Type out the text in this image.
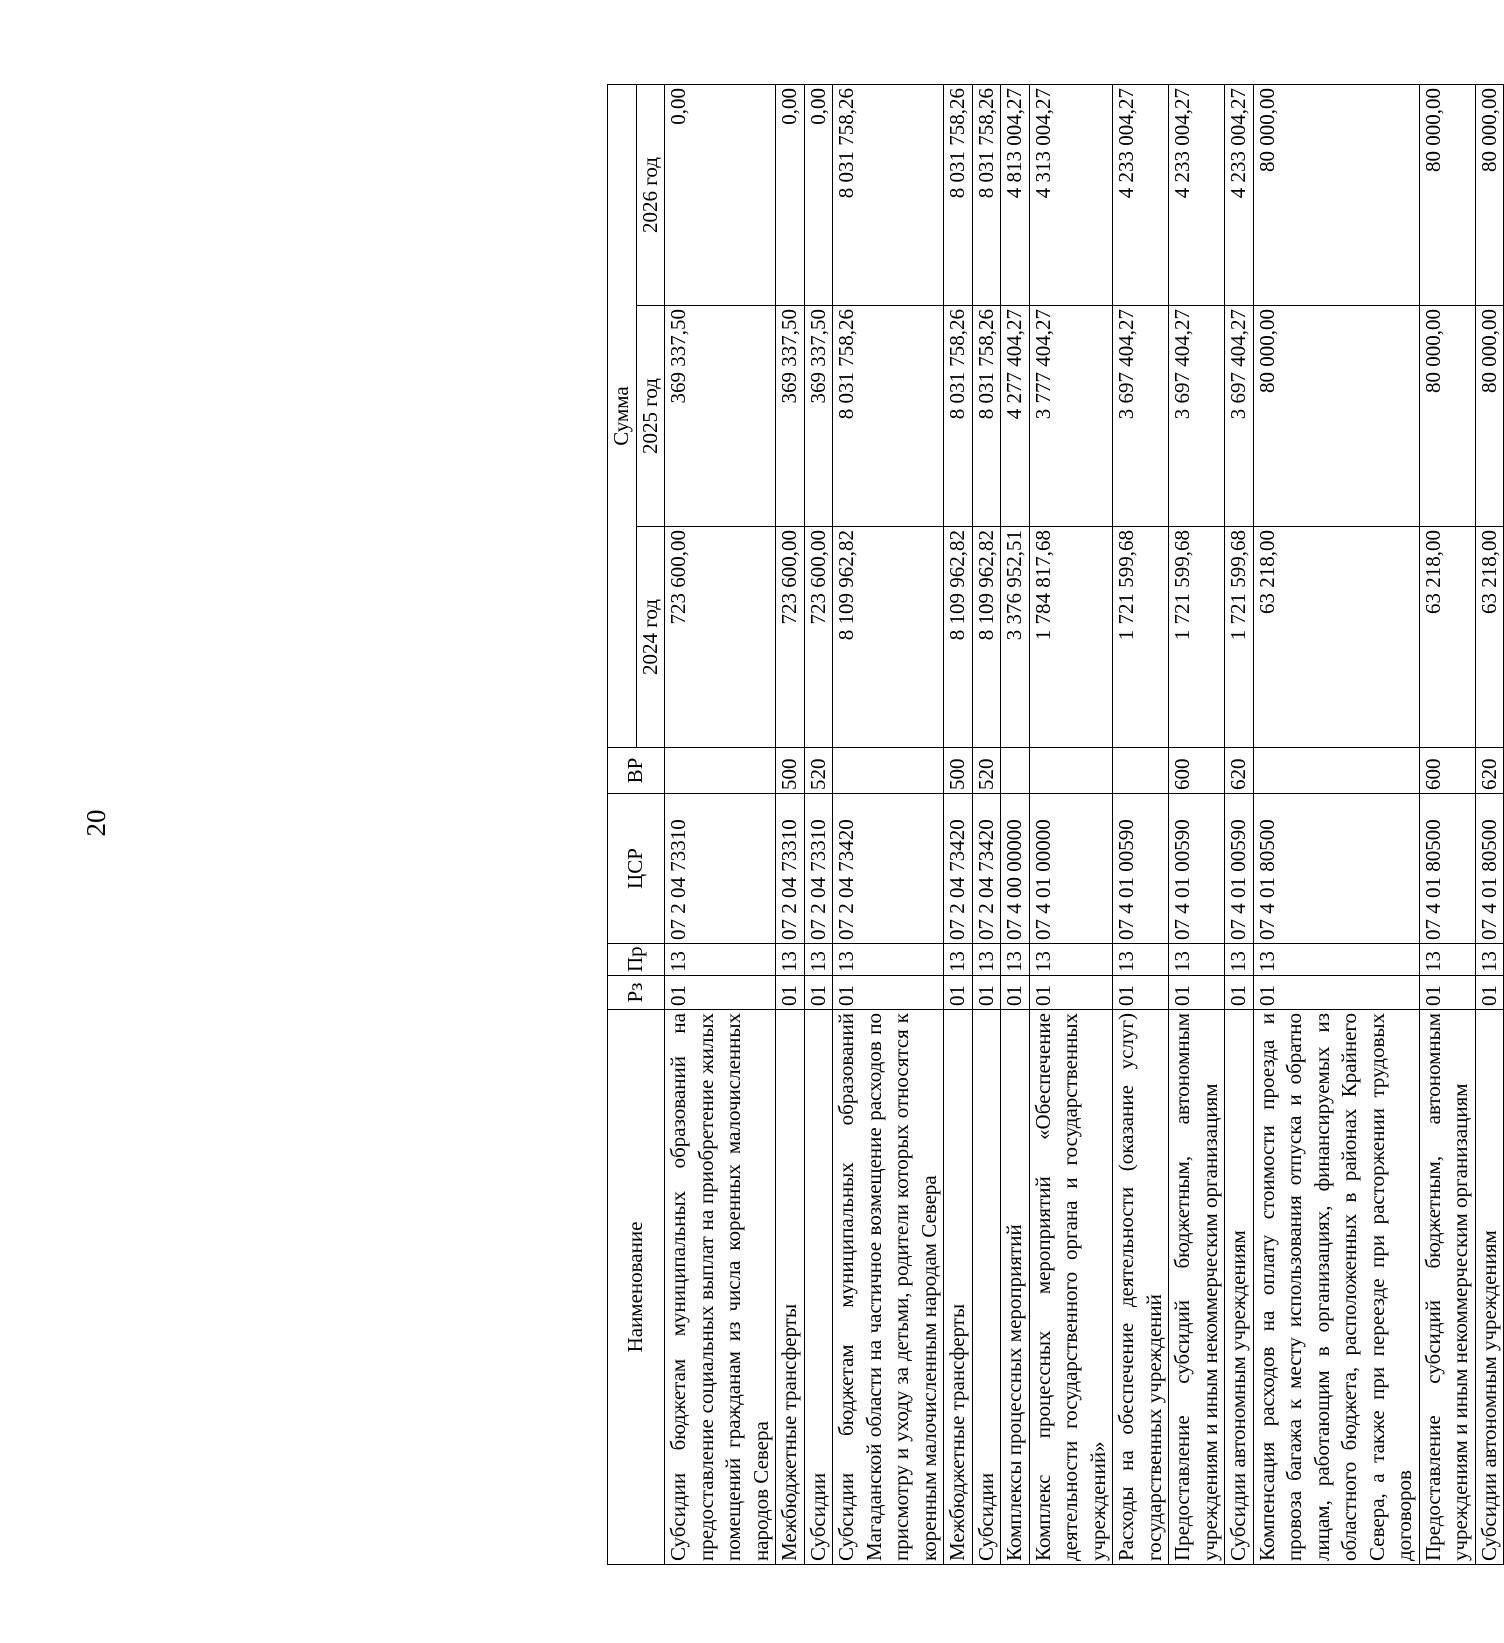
20
Наименование	Рз	Пр	ЦСР	ВР	Сумма		
					2024 год	2025 год	2026 год
Субсидии бюджетам муниципальных образований на предоставление социальных выплат на приобретение жилых помещений гражданам из числа коренных малочисленных народов Севера	01	13	07 2 04 73310		723 600,00	369 337,50	0,00
Межбюджетные трансферты	01	13	07 2 04 73310	500	723 600,00	369 337,50	0,00
Субсидии	01	13	07 2 04 73310	520	723 600,00	369 337,50	0,00
Субсидии бюджетам муниципальных образований Магаданской области на частичное возмещение расходов по присмотру и уходу за детьми, родители которых относятся к коренным малочисленным народам Севера	01	13	07 2 04 73420		8 109 962,82	8 031 758,26	8 031 758,26
Межбюджетные трансферты	01	13	07 2 04 73420	500	8 109 962,82	8 031 758,26	8 031 758,26
Субсидии	01	13	07 2 04 73420	520	8 109 962,82	8 031 758,26	8 031 758,26
Комплексы процессных мероприятий	01	13	07 4 00 00000		3 376 952,51	4 277 404,27	4 813 004,27
Комплекс процессных мероприятий «Обеспечение деятельности государственного органа и государственных учреждений»	01	13	07 4 01 00000		1 784 817,68	3 777 404,27	4 313 004,27
Расходы на обеспечение деятельности (оказание услуг) государственных учреждений	01	13	07 4 01 00590		1 721 599,68	3 697 404,27	4 233 004,27
Предоставление субсидий бюджетным, автономным учреждениям и иным некоммерческим организациям	01	13	07 4 01 00590	600	1 721 599,68	3 697 404,27	4 233 004,27
Субсидии автономным учреждениям	01	13	07 4 01 00590	620	1 721 599,68	3 697 404,27	4 233 004,27
Компенсация расходов на оплату стоимости проезда и провоза багажа к месту использования отпуска и обратно лицам, работающим в организациях, финансируемых из областного бюджета, расположенных в районах Крайнего Севера, а также при переезде при расторжении трудовых договоров	01	13	07 4 01 80500		63 218,00	80 000,00	80 000,00
Предоставление субсидий бюджетным, автономным учреждениям и иным некоммерческим организациям	01	13	07 4 01 80500	600	63 218,00	80 000,00	80 000,00
Субсидии автономным учреждениям	01	13	07 4 01 80500	620	63 218,00	80 000,00	80 000,00
